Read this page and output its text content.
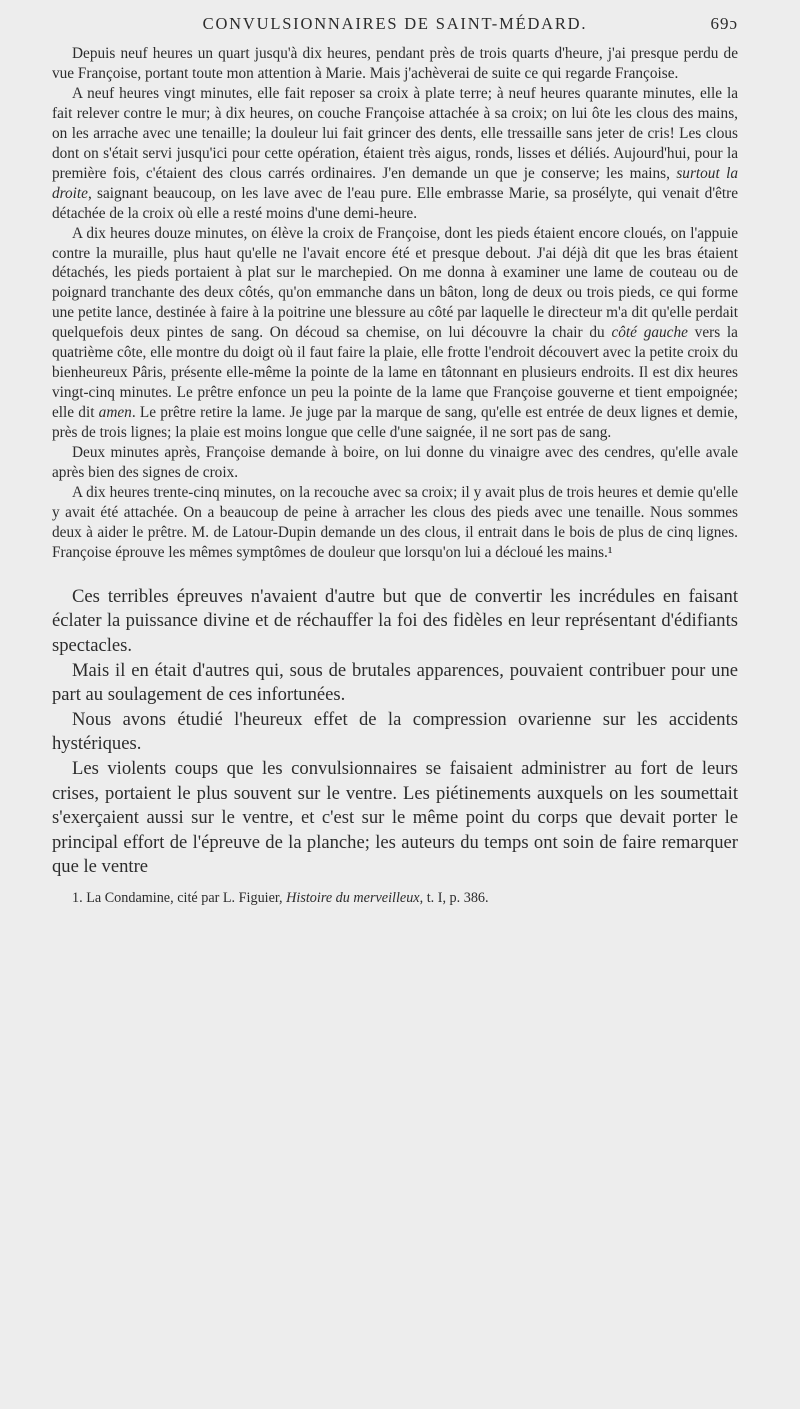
CONVULSIONNAIRES DE SAINT-MÉDARD.	69ɔ

Depuis neuf heures un quart jusqu'à dix heures, pendant près de trois quarts d'heure, j'ai presque perdu de vue Françoise, portant toute mon attention à Marie. Mais j'achèverai de suite ce qui regarde Françoise.

A neuf heures vingt minutes, elle fait reposer sa croix à plate terre; à neuf heures quarante minutes, elle la fait relever contre le mur; à dix heures, on couche Françoise attachée à sa croix; on lui ôte les clous des mains, on les arrache avec une tenaille; la douleur lui fait grincer des dents, elle tressaille sans jeter de cris! Les clous dont on s'était servi jusqu'ici pour cette opération, étaient très aigus, ronds, lisses et déliés. Aujourd'hui, pour la première fois, c'étaient des clous carrés ordinaires. J'en demande un que je conserve; les mains, surtout la droite, saignant beaucoup, on les lave avec de l'eau pure. Elle embrasse Marie, sa prosélyte, qui venait d'être détachée de la croix où elle a resté moins d'une demi-heure.

A dix heures douze minutes, on élève la croix de Françoise, dont les pieds étaient encore cloués, on l'appuie contre la muraille, plus haut qu'elle ne l'avait encore été et presque debout. J'ai déjà dit que les bras étaient détachés, les pieds portaient à plat sur le marchepied. On me donna à examiner une lame de couteau ou de poignard tranchante des deux côtés, qu'on emmanche dans un bâton, long de deux ou trois pieds, ce qui forme une petite lance, destinée à faire à la poitrine une blessure au côté par laquelle le directeur m'a dit qu'elle perdait quelquefois deux pintes de sang. On découd sa chemise, on lui découvre la chair du côté gauche vers la quatrième côte, elle montre du doigt où il faut faire la plaie, elle frotte l'endroit découvert avec la petite croix du bienheureux Pâris, présente elle-même la pointe de la lame en tâtonnant en plusieurs endroits. Il est dix heures vingt-cinq minutes. Le prêtre enfonce un peu la pointe de la lame que Françoise gouverne et tient empoignée; elle dit amen. Le prêtre retire la lame. Je juge par la marque de sang, qu'elle est entrée de deux lignes et demie, près de trois lignes; la plaie est moins longue que celle d'une saignée, il ne sort pas de sang.

Deux minutes après, Françoise demande à boire, on lui donne du vinaigre avec des cendres, qu'elle avale après bien des signes de croix.

A dix heures trente-cinq minutes, on la recouche avec sa croix; il y avait plus de trois heures et demie qu'elle y avait été attachée. On a beaucoup de peine à arracher les clous des pieds avec une tenaille. Nous sommes deux à aider le prêtre. M. de Latour-Dupin demande un des clous, il entrait dans le bois de plus de cinq lignes. Françoise éprouve les mêmes symptômes de douleur que lorsqu'on lui a décloué les mains.¹

Ces terribles épreuves n'avaient d'autre but que de convertir les incrédules en faisant éclater la puissance divine et de réchauffer la foi des fidèles en leur représentant d'édifiants spectacles.

Mais il en était d'autres qui, sous de brutales apparences, pouvaient contribuer pour une part au soulagement de ces infortunées.

Nous avons étudié l'heureux effet de la compression ovarienne sur les accidents hystériques.

Les violents coups que les convulsionnaires se faisaient administrer au fort de leurs crises, portaient le plus souvent sur le ventre. Les piétinements auxquels on les soumettait s'exerçaient aussi sur le ventre, et c'est sur le même point du corps que devait porter le principal effort de l'épreuve de la planche; les auteurs du temps ont soin de faire remarquer que le ventre

1. La Condamine, cité par L. Figuier, Histoire du merveilleux, t. I, p. 386.
